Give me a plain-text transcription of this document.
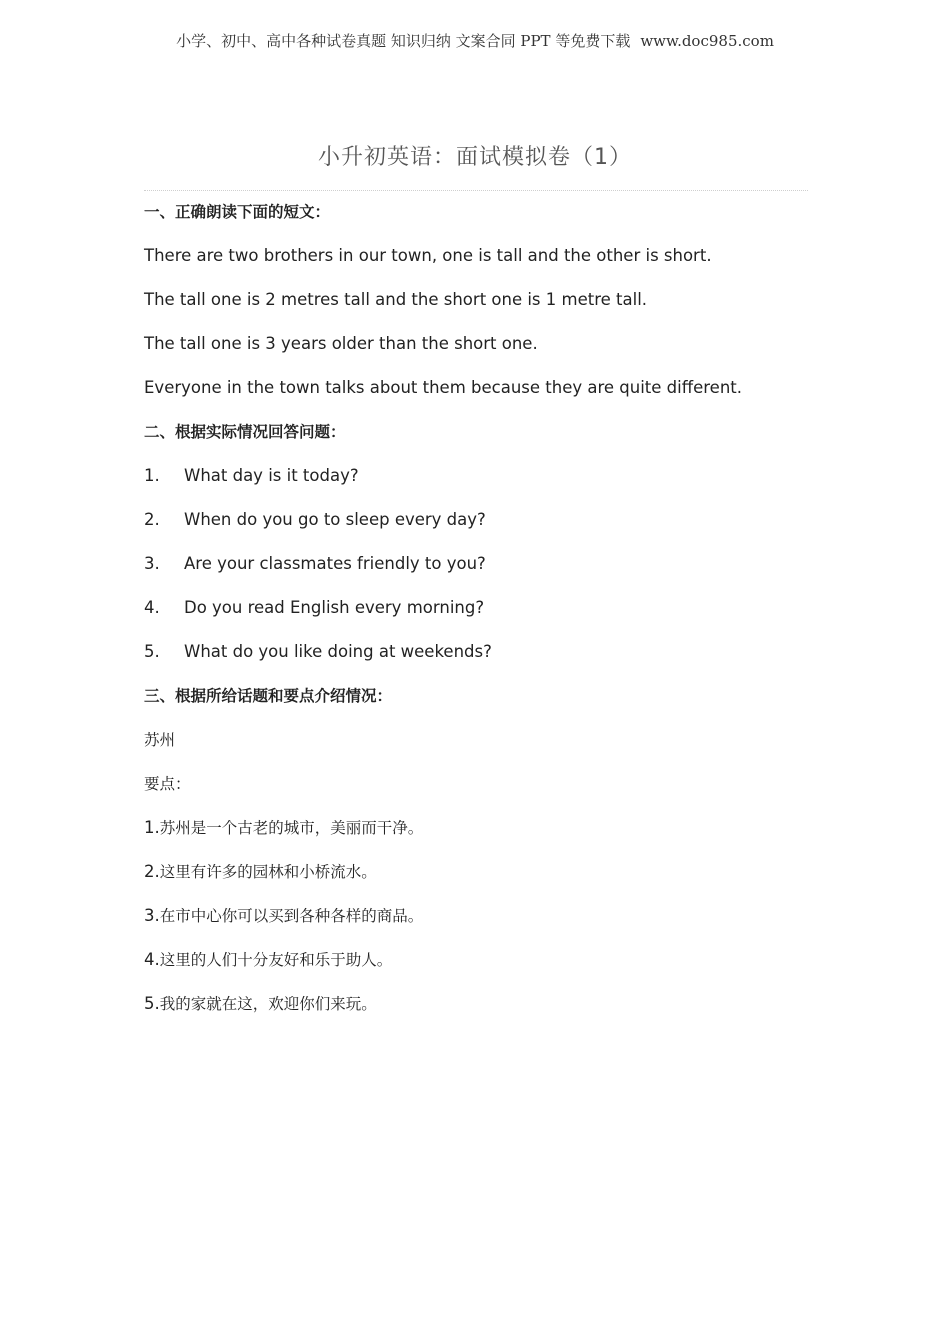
小学、初中、高中各种试卷真题 知识归纳 文案合同 PPT 等免费下载 www.doc985.com
小升初英语：面试模拟卷（1）
一、正确朗读下面的短文：
There are two brothers in our town, one is tall and the other is short.
The tall one is 2 metres tall and the short one is 1 metre tall.
The tall one is 3 years older than the short one.
Everyone in the town talks about them because they are quite different.
二、根据实际情况回答问题：
1. What day is it today?
2. When do you go to sleep every day?
3. Are your classmates friendly to you?
4. Do you read English every morning?
5. What do you like doing at weekends?
三、根据所给话题和要点介绍情况：
苏州
要点：
1.苏州是一个古老的城市，美丽而干净。
2.这里有许多的园林和小桥流水。
3.在市中心你可以买到各种各样的商品。
4.这里的人们十分友好和乐于助人。
5.我的家就在这，欢迎你们来玩。
